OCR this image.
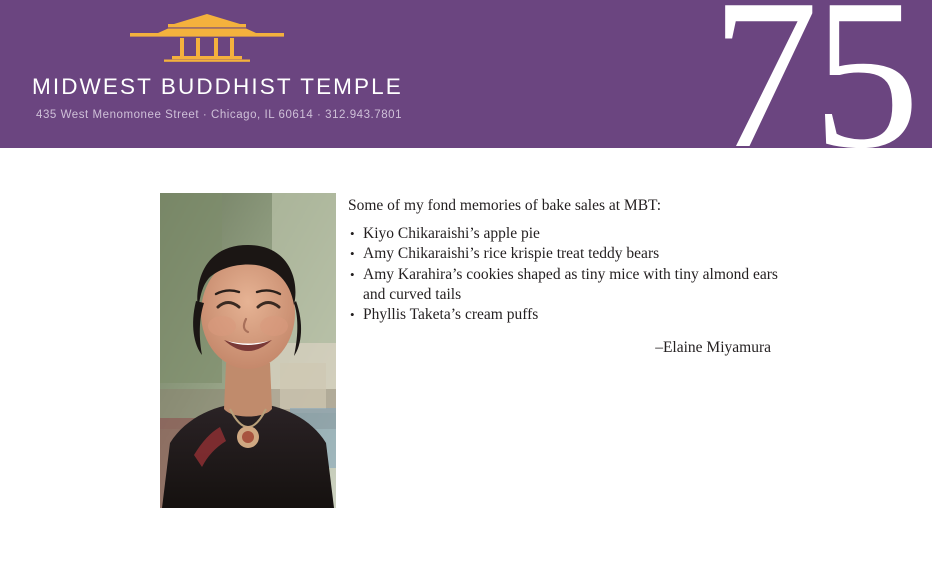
MIDWEST BUDDHIST TEMPLE
435 West Menomonee Street · Chicago, IL 60614 · 312.943.7801	75

Some of my fond memories of bake sales at MBT:

• Kiyo Chikaraishi’s apple pie
• Amy Chikaraishi’s rice krispie treat teddy bears
• Amy Karahira’s cookies shaped as tiny mice with tiny almond ears and curved tails
• Phyllis Taketa’s cream puffs
–Elaine Miyamura
